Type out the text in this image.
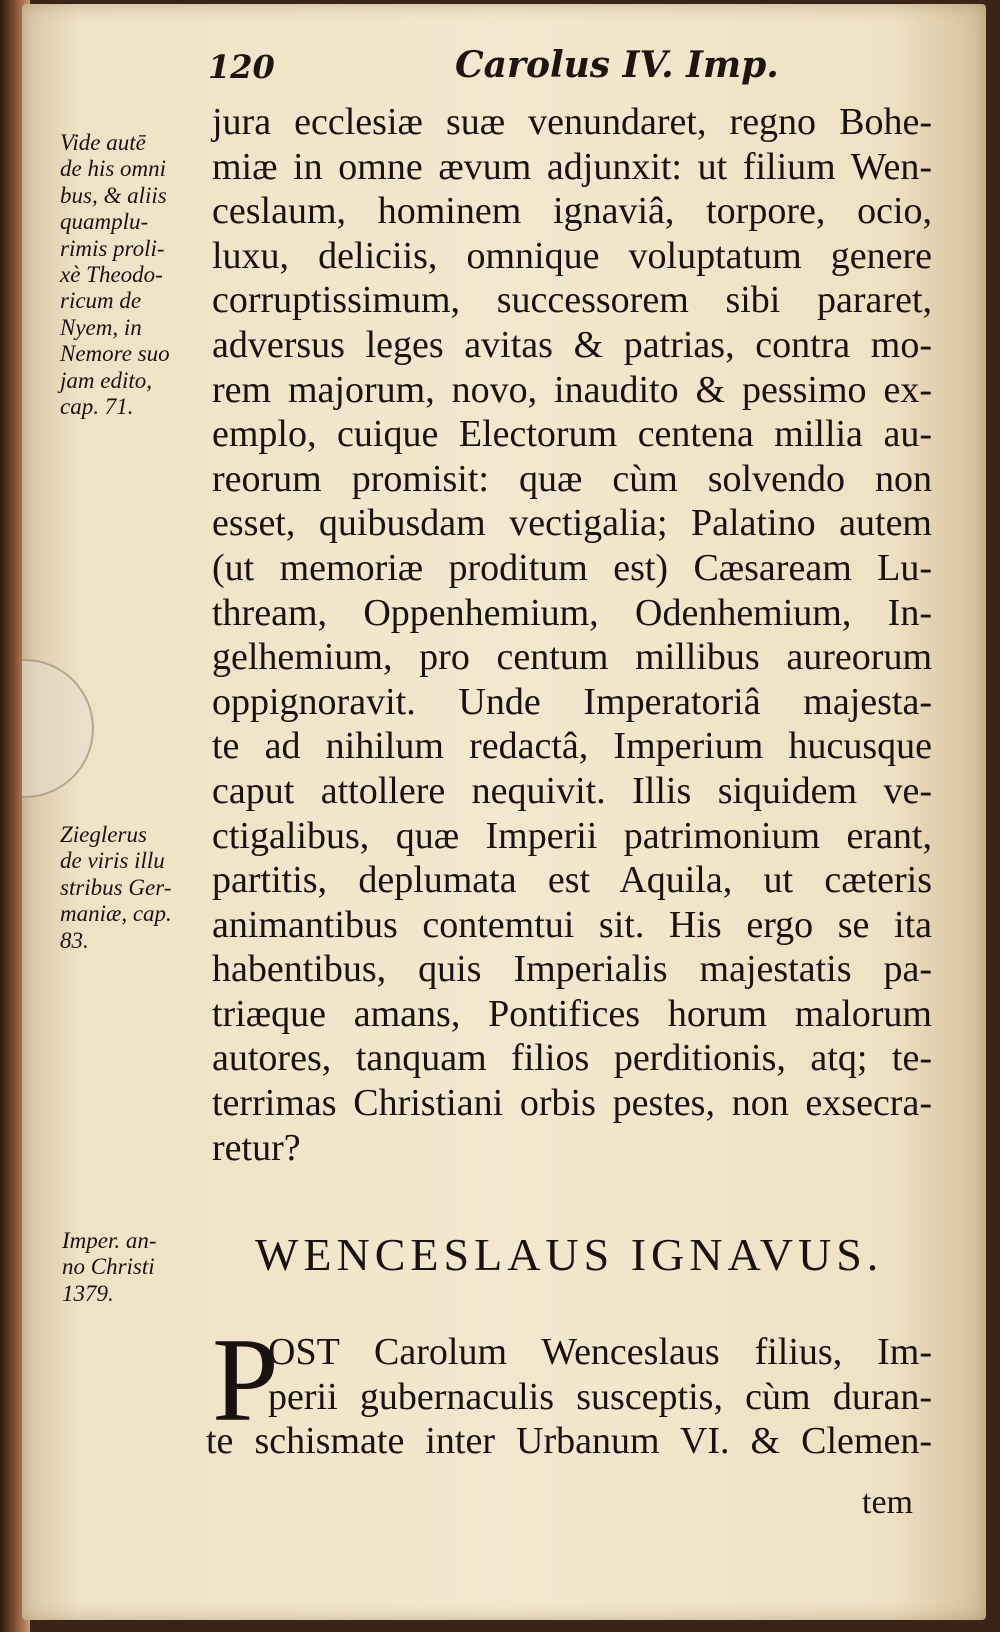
120	Carolus IV. Imp.
Vide autē
de his omni
bus, & aliis
quamplu-
rimis proli-
xè Theodo-
ricum de
Nyem, in
Nemore suo
jam edito,
cap. 71.
Zieglerus
de viris illu
stribus Ger-
maniæ, cap.
83.
Imper. an-
no Christi
1379.
jura ecclesiæ suæ venundaret, regno Bohe-
miæ in omne ævum adjunxit: ut filium Wen-
ceslaum, hominem ignaviâ, torpore, ocio,
luxu, deliciis, omnique voluptatum genere
corruptissimum, successorem sibi pararet,
adversus leges avitas & patrias, contra mo-
rem majorum, novo, inaudito & pessimo ex-
emplo, cuique Electorum centena millia au-
reorum promisit: quæ cùm solvendo non
esset, quibusdam vectigalia; Palatino autem
(ut memoriæ proditum est) Cæsaream Lu-
thream, Oppenhemium, Odenhemium, In-
gelhemium, pro centum millibus aureorum
oppignoravit. Unde Imperatoriâ majesta-
te ad nihilum redactâ, Imperium hucusque
caput attollere nequivit. Illis siquidem ve-
ctigalibus, quæ Imperii patrimonium erant,
partitis, deplumata est Aquila, ut cæteris
animantibus contemtui sit. His ergo se ita
habentibus, quis Imperialis majestatis pa-
triæque amans, Pontifices horum malorum
autores, tanquam filios perditionis, atq; te-
terrimas Christiani orbis pestes, non exsecra-
retur?
WENCESLAUS IGNAVUS.
P
OST Carolum Wenceslaus filius, Im-
perii gubernaculis susceptis, cùm duran-
te schismate inter Urbanum VI. & Clemen-
tem
